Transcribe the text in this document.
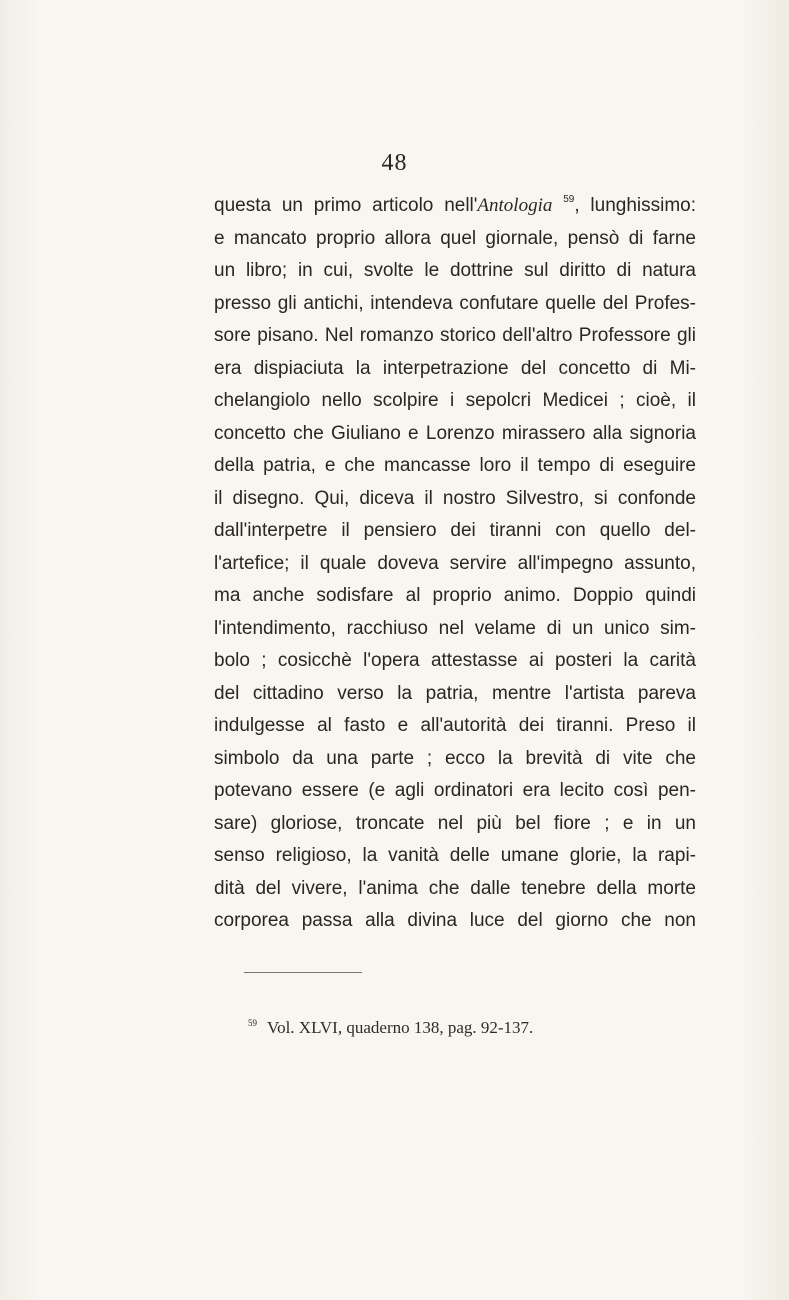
48
questa un primo articolo nell'Antologia $^{59}$, lunghissimo:
e mancato proprio allora quel giornale, pensò di farne
un libro; in cui, svolte le dottrine sul diritto di natura
presso gli antichi, intendeva confutare quelle del Profes-
sore pisano. Nel romanzo storico dell'altro Professore gli
era dispiaciuta la interpetrazione del concetto di Mi-
chelangiolo nello scolpire i sepolcri Medicei ; cioè, il
concetto che Giuliano e Lorenzo mirassero alla signoria
della patria, e che mancasse loro il tempo di eseguire
il disegno. Qui, diceva il nostro Silvestro, si confonde
dall'interpetre il pensiero dei tiranni con quello del-
l'artefice; il quale doveva servire all'impegno assunto,
ma anche sodisfare al proprio animo. Doppio quindi
l'intendimento, racchiuso nel velame di un unico sim-
bolo ; cosicchè l'opera attestasse ai posteri la carità
del cittadino verso la patria, mentre l'artista pareva
indulgesse al fasto e all'autorità dei tiranni. Preso il
simbolo da una parte ; ecco la brevità di vite che
potevano essere (e agli ordinatori era lecito così pen-
sare) gloriose, troncate nel più bel fiore ; e in un
senso religioso, la vanità delle umane glorie, la rapi-
dità del vivere, l'anima che dalle tenebre della morte
corporea passa alla divina luce del giorno che non
$^{59}$ Vol. XLVI, quaderno 138, pag. 92-137.
